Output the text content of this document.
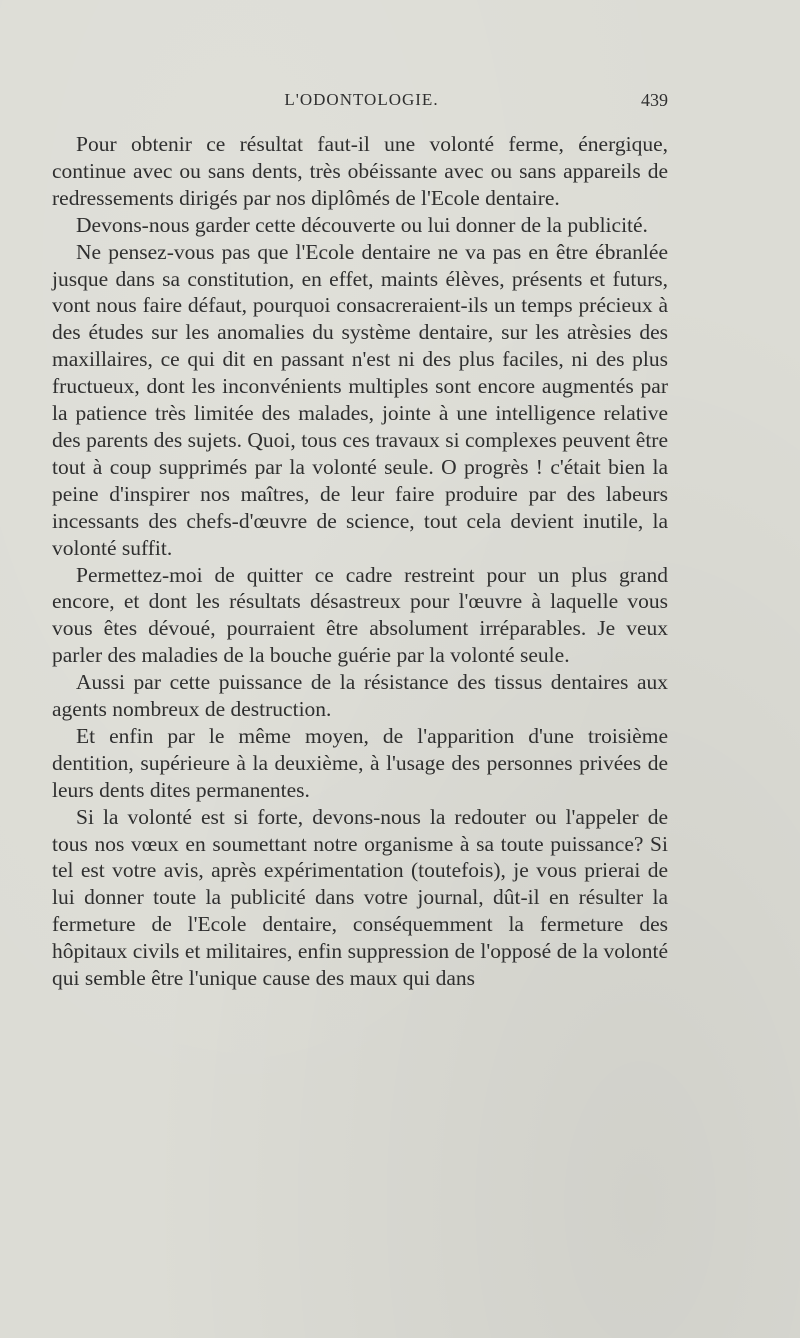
L'ODONTOLOGIE.	439

Pour obtenir ce résultat faut-il une volonté ferme, énergique, continue avec ou sans dents, très obéissante avec ou sans appareils de redressements dirigés par nos diplômés de l'Ecole dentaire.

Devons-nous garder cette découverte ou lui donner de la publicité.

Ne pensez-vous pas que l'Ecole dentaire ne va pas en être ébranlée jusque dans sa constitution, en effet, maints élèves, présents et futurs, vont nous faire défaut, pourquoi consacreraient-ils un temps précieux à des études sur les anomalies du système dentaire, sur les atrèsies des maxillaires, ce qui dit en passant n'est ni des plus faciles, ni des plus fructueux, dont les inconvénients multiples sont encore augmentés par la patience très limitée des malades, jointe à une intelligence relative des parents des sujets. Quoi, tous ces travaux si complexes peuvent être tout à coup supprimés par la volonté seule. O progrès ! c'était bien la peine d'inspirer nos maîtres, de leur faire produire par des labeurs incessants des chefs-d'œuvre de science, tout cela devient inutile, la volonté suffit.

Permettez-moi de quitter ce cadre restreint pour un plus grand encore, et dont les résultats désastreux pour l'œuvre à laquelle vous vous êtes dévoué, pourraient être absolument irréparables. Je veux parler des maladies de la bouche guérie par la volonté seule.

Aussi par cette puissance de la résistance des tissus dentaires aux agents nombreux de destruction.

Et enfin par le même moyen, de l'apparition d'une troisième dentition, supérieure à la deuxième, à l'usage des personnes privées de leurs dents dites permanentes.

Si la volonté est si forte, devons-nous la redouter ou l'appeler de tous nos vœux en soumettant notre organisme à sa toute puissance? Si tel est votre avis, après expérimentation (toutefois), je vous prierai de lui donner toute la publicité dans votre journal, dût-il en résulter la fermeture de l'Ecole dentaire, conséquemment la fermeture des hôpitaux civils et militaires, enfin suppression de l'opposé de la volonté qui semble être l'unique cause des maux qui dans
